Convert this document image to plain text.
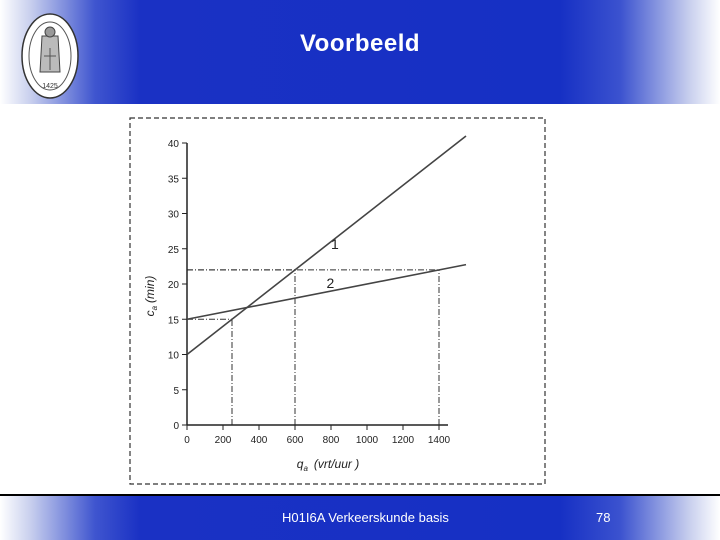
1425
Voorbeeld
1
2
0
5
10
15
20
25
30
35
40
0 200 400 600 800 1000 1200 1400
$c_a(\min)$
$q_a$ (vrt/uur )
H01I6A Verkeerskunde basis	78
